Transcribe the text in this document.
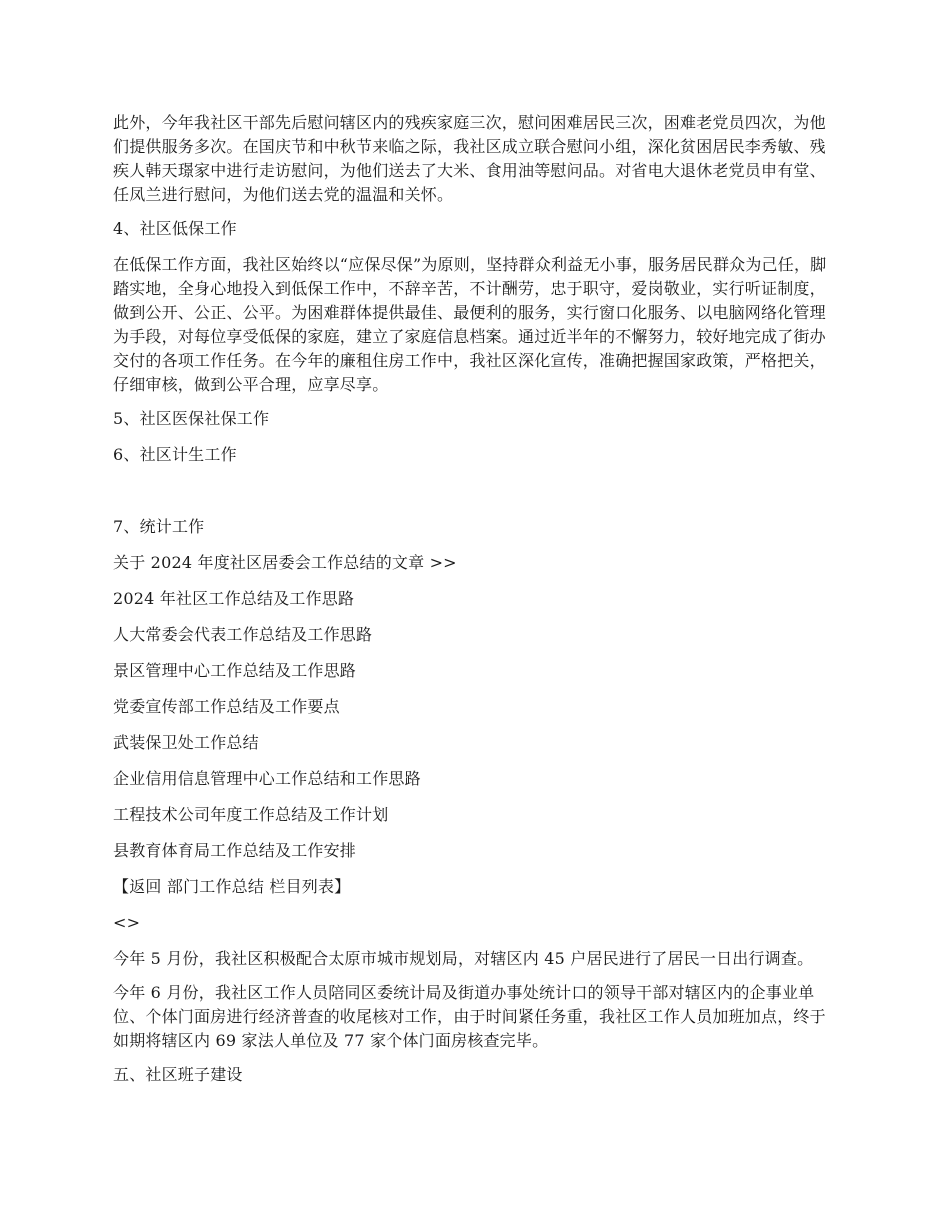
此外，今年我社区干部先后慰问辖区内的残疾家庭三次，慰问困难居民三次，困难老党员四次，为他们提供服务多次。在国庆节和中秋节来临之际，我社区成立联合慰问小组，深化贫困居民李秀敏、残疾人韩天璟家中进行走访慰问，为他们送去了大米、食用油等慰问品。对省电大退休老党员申有堂、任凤兰进行慰问，为他们送去党的温温和关怀。

4、社区低保工作

在低保工作方面，我社区始终以“应保尽保”为原则，坚持群众利益无小事，服务居民群众为己任，脚踏实地，全身心地投入到低保工作中，不辞辛苦，不计酬劳，忠于职守，爱岗敬业，实行听证制度，做到公开、公正、公平。为困难群体提供最佳、最便利的服务，实行窗口化服务、以电脑网络化管理为手段，对每位享受低保的家庭，建立了家庭信息档案。通过近半年的不懈努力，较好地完成了街办交付的各项工作任务。在今年的廉租住房工作中，我社区深化宣传，准确把握国家政策，严格把关，仔细审核，做到公平合理，应享尽享。

5、社区医保社保工作

6、社区计生工作

7、统计工作

关于 2024 年度社区居委会工作总结的文章 >>

2024 年社区工作总结及工作思路

人大常委会代表工作总结及工作思路

景区管理中心工作总结及工作思路

党委宣传部工作总结及工作要点

武装保卫处工作总结

企业信用信息管理中心工作总结和工作思路

工程技术公司年度工作总结及工作计划

县教育体育局工作总结及工作安排

【返回 部门工作总结 栏目列表】

<>

今年 5 月份，我社区积极配合太原市城市规划局，对辖区内 45 户居民进行了居民一日出行调查。

今年 6 月份，我社区工作人员陪同区委统计局及街道办事处统计口的领导干部对辖区内的企事业单位、个体门面房进行经济普查的收尾核对工作，由于时间紧任务重，我社区工作人员加班加点，终于如期将辖区内 69 家法人单位及 77 家个体门面房核查完毕。

五、社区班子建设
